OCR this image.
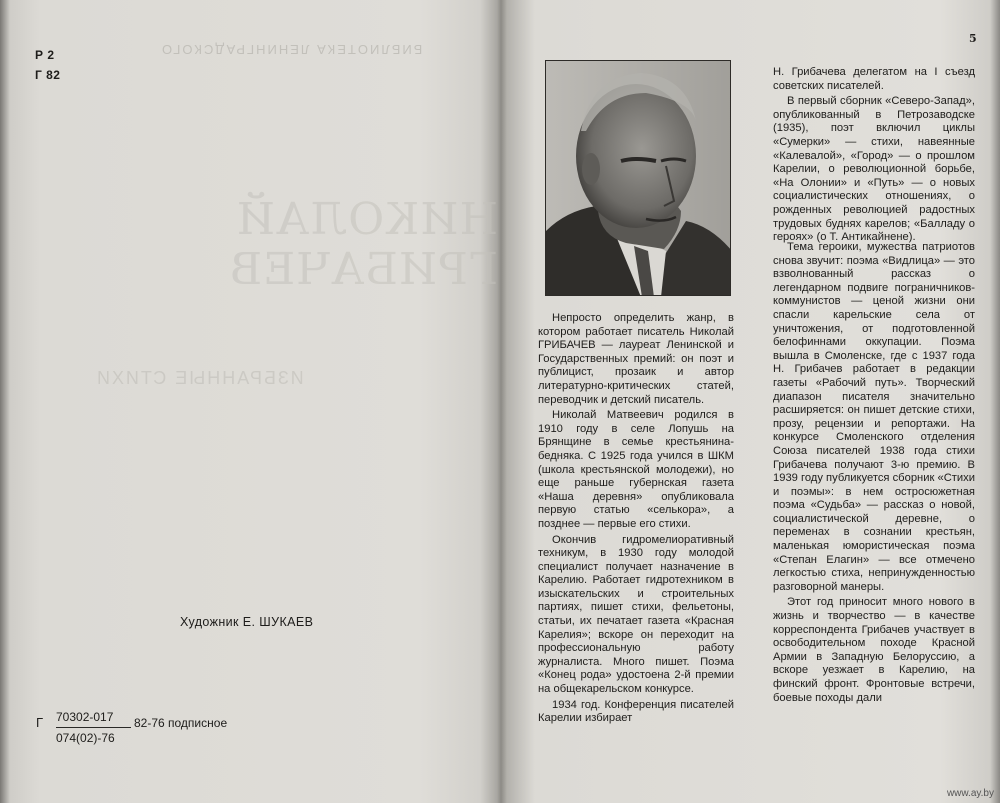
Р 2
Г 82
БИБЛИОТЕКА ЛЕНИНГРАДСКОГО
НИКОЛАЙ ГРИБАЧЕВ
ИЗБРАННЫЕ СТИХИ
Художник Е. ШУКАЕВ
Г $\frac{70302-017}{074(02)-76} 82-76$ подписное
5

Н. Грибачева делегатом на I съезд советских писателей.

В первый сборник «Северо-Запад», опубликованный в Петрозаводске (1935), поэт включил циклы «Сумерки» — стихи, навеянные «Калевалой», «Город» — о прошлом Карелии, о революционной борьбе, «На Олонии» и «Путь» — о новых социалистических отношениях, о рожденных революцией радостных трудовых буднях карелов; «Балладу о героях» (о Т. Антикайнене).

Тема героики, мужества патриотов снова звучит: поэма «Видлица» — это взволнованный рассказ о легендарном подвиге пограничников-коммунистов — ценой жизни они спасли карельские села от уничтожения, от подготовленной белофиннами оккупации. Поэма вышла в Смоленске, где с 1937 года Н. Грибачев работает в редакции газеты «Рабочий путь». Творческий диапазон писателя значительно расширяется: он пишет детские стихи, прозу, рецензии и репортажи. На конкурсе Смоленского отделения Союза писателей 1938 года стихи Грибачева получают 3-ю премию. В 1939 году публикуется сборник «Стихи и поэмы»: в нем остросюжетная поэма «Судьба» — рассказ о новой, социалистической деревне, о переменах в сознании крестьян, маленькая юмористическая поэма «Степан Елагин» — все отмечено легкостью стиха, непринужденностью разговорной манеры.

Этот год приносит много нового в жизнь и творчество — в качестве корреспондента Грибачев участвует в освободительном походе Красной Армии в Западную Белоруссию, а вскоре уезжает в Карелию, на финский фронт. Фронтовые встречи, боевые походы дали

Непросто определить жанр, в котором работает писатель Николай ГРИБАЧЕВ — лауреат Ленинской и Государственных премий: он поэт и публицист, прозаик и автор литературно-критических статей, переводчик и детский писатель.

Николай Матвеевич родился в 1910 году в селе Лопушь на Брянщине в семье крестьянина-бедняка. С 1925 года учился в ШКМ (школа крестьянской молодежи), но еще раньше губернская газета «Наша деревня» опубликовала первую статью «селькора», а позднее — первые его стихи.

Окончив гидромелиоративный техникум, в 1930 году молодой специалист получает назначение в Карелию. Работает гидротехником в изыскательских и строительных партиях, пишет стихи, фельетоны, статьи, их печатает газета «Красная Карелия»; вскоре он переходит на профессиональную работу журналиста. Много пишет. Поэма «Конец рода» удостоена 2-й премии на общекарельском конкурсе.

1934 год. Конференция писателей Карелии избирает

www.ay.by
